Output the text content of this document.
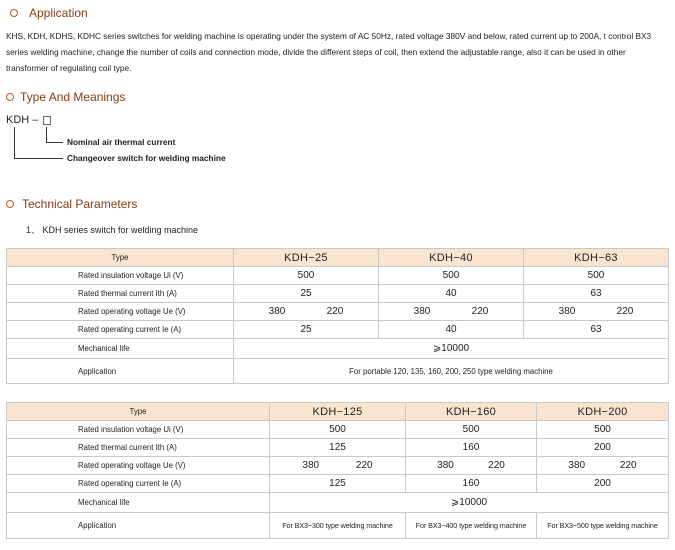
Application
KHS, KDH, KDHS, KDHC series switches for welding machine is operating under the system of AC 50Hz, rated voltage 380V and below, rated current up to 200A, t control BX3 series welding machine, change the number of coils and connection mode, divide the different steps of coil, then extend the adjustable range, also it can be used in other transformer of regulating coil type.
Type And Meanings
KDH –
Nominal air thermal current
Changeover switch for welding machine
Technical Parameters
1、 KDH series switch for welding machine
Type	KDH−25	KDH−40	KDH−63
Rated insulation voltage Ui (V)	500	500	500
Rated thermal current Ith (A)	25	40	63
Rated operating voltage Ue (V)	380 220	380 220	380 220

Rated operating current Ie (A)	25	40	63
Mechanical life	⩾10000		
Application	For portable 120, 135, 160, 200, 250 type welding machine		
Type	KDH−125	KDH−160	KDH−200
Rated insulation voltage Ui (V)	500	500	500
Rated thermal current Ith (A)	125	160	200
Rated operating voltage Ue (V)	380 220	380 220	380 220

Rated operating current Ie (A)	125	160	200
Mechanical life	⩾10000		
Application	For BX3−300 type welding machine	For BX3−400 type welding machine	For BX3−500 type welding machine
